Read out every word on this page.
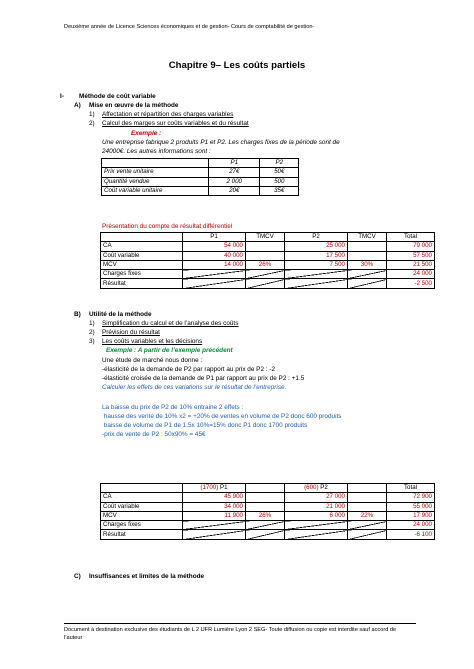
Deuxième année de Licence Sciences économiques et de gestion- Cours de comptabilité de gestion-
Chapitre 9– Les coûts partiels
I- Méthode de coût variable
A) Mise en œuvre de la méthode
1) Affectation et répartition des charges variables
2) Calcul des marges sur coûts variables et du résultat
Exemple :
Une entreprise fabrique 2 produits P1 et P2. Les charges fixes de la période sont de
24000€. Les autres informations sont :
	P1	P2
Prix vente unitaire	27€	50€
Quantité vendue	2 000	500
Coût variable unitaire	20€	35€
Présentation du compte de résultat différentiel
	P1	TMCV	P2	TMCV	Total
CA	54 000		25 000		79 000
Coût variable	40 000		17 500		57 500
MCV	14 000	26%	7 500	30%	21 500
Charges fixes					24 000
Résultat					-2 500
B) Utilité de la méthode
1) Simplification du calcul et de l’analyse des coûts
2) Prévision du résultat
3) Les coûts variables et les décisions
Exemple : A partir de l’exemple précédent
Une étude de marché nous donne :
-élasticité de la demande de P2 par rapport au prix de P2 : -2
-élasticité croisée de la demande de P1 par rapport au prix de P2 : +1.5
Calculer les effets de ces variations sur le résultat de l’entreprise.
La baisse du prix de P2 de 10% entraine 2 effets :
hausse des vente de 10% x2 = +20% de ventes en volume de P2 donc 600 produits
baisse de volume de P1 de 1.5x 10%=15% donc P1 donc 1700 produits
-prix de vente de P2 : 50x90% = 45€
	(1700) P1		(600) P2		Total
CA	45 900		27 000		72 900
Coût variable	34 000		21 000		55 000
MCV	11 900	26%	6 000	22%	17 900
Charges fixes					24 000
Résultat					-6 100
C) Insuffisances et limites de la méthode
Document à destination exclusive des étudiants de L 2 UFR Lumière Lyon 2 SEG- Toute diffusion ou copie est interdite sauf accord de
l’auteur
